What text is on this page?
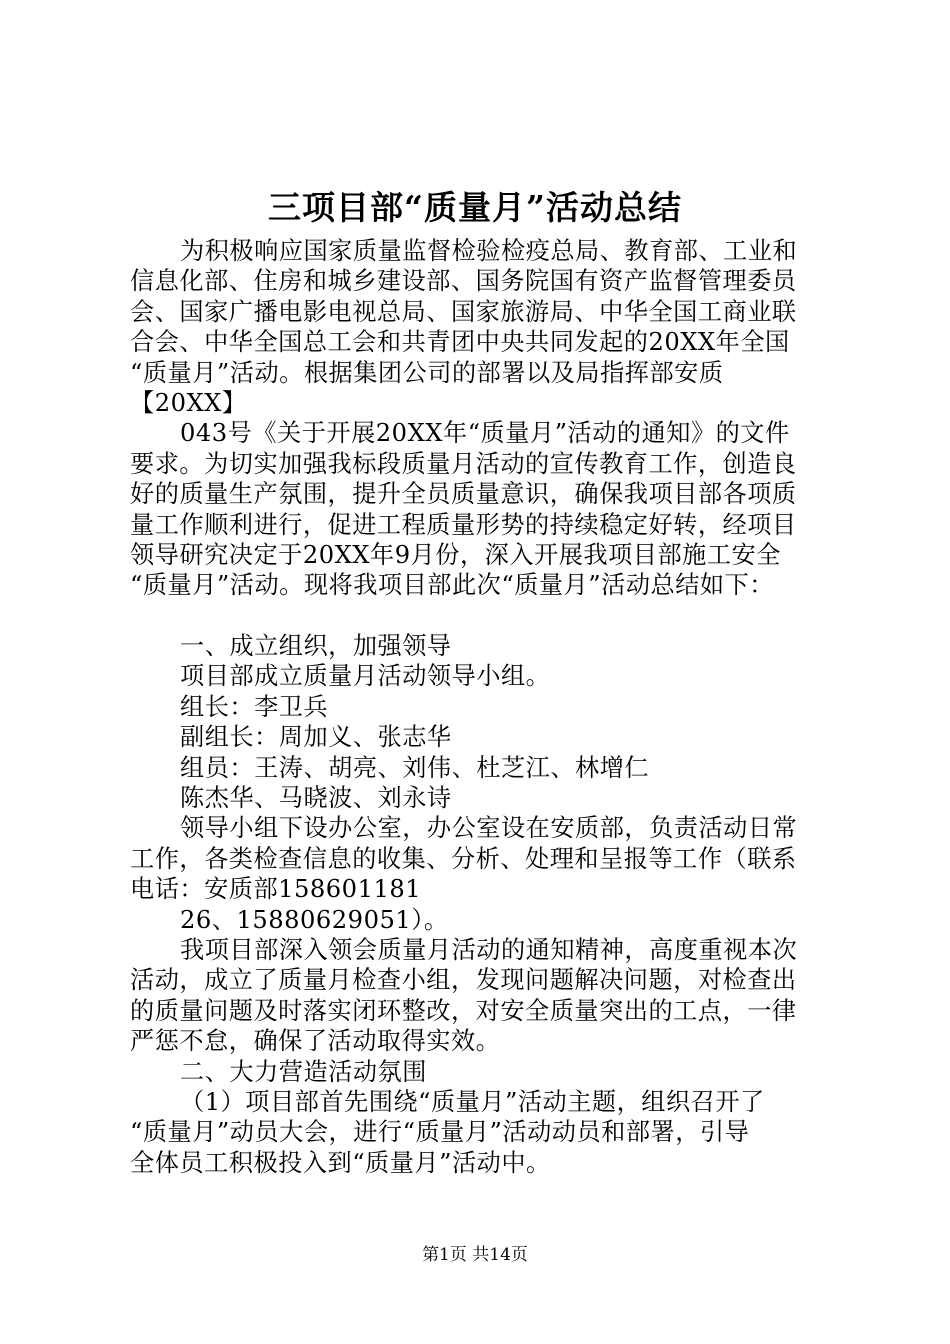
三项目部“质量月”活动总结

为积极响应国家质量监督检验检疫总局、教育部、工业和

信息化部、住房和城乡建设部、国务院国有资产监督管理委员

会、国家广播电影电视总局、国家旅游局、中华全国工商业联

合会、中华全国总工会和共青团中央共同发起的20XX年全国

“质量月”活动。根据集团公司的部署以及局指挥部安质

【20XX】

043号《关于开展20XX年“质量月”活动的通知》的文件

要求。为切实加强我标段质量月活动的宣传教育工作，创造良

好的质量生产氛围，提升全员质量意识，确保我项目部各项质

量工作顺利进行，促进工程质量形势的持续稳定好转，经项目

领导研究决定于20XX年9月份，深入开展我项目部施工安全

“质量月”活动。现将我项目部此次“质量月”活动总结如下：

一、成立组织，加强领导

项目部成立质量月活动领导小组。

组长：李卫兵

副组长：周加义、张志华

组员：王涛、胡亮、刘伟、杜芝江、林增仁

陈杰华、马晓波、刘永诗

领导小组下设办公室，办公室设在安质部，负责活动日常

工作，各类检查信息的收集、分析、处理和呈报等工作（联系

电话：安质部158601181

26、15880629051）。

我项目部深入领会质量月活动的通知精神，高度重视本次

活动，成立了质量月检查小组，发现问题解决问题，对检查出

的质量问题及时落实闭环整改，对安全质量突出的工点，一律

严惩不怠，确保了活动取得实效。

二、大力营造活动氛围

（1）项目部首先围绕“质量月”活动主题，组织召开了

“质量月”动员大会，进行“质量月”活动动员和部署，引导

全体员工积极投入到“质量月”活动中。

第1页 共14页
